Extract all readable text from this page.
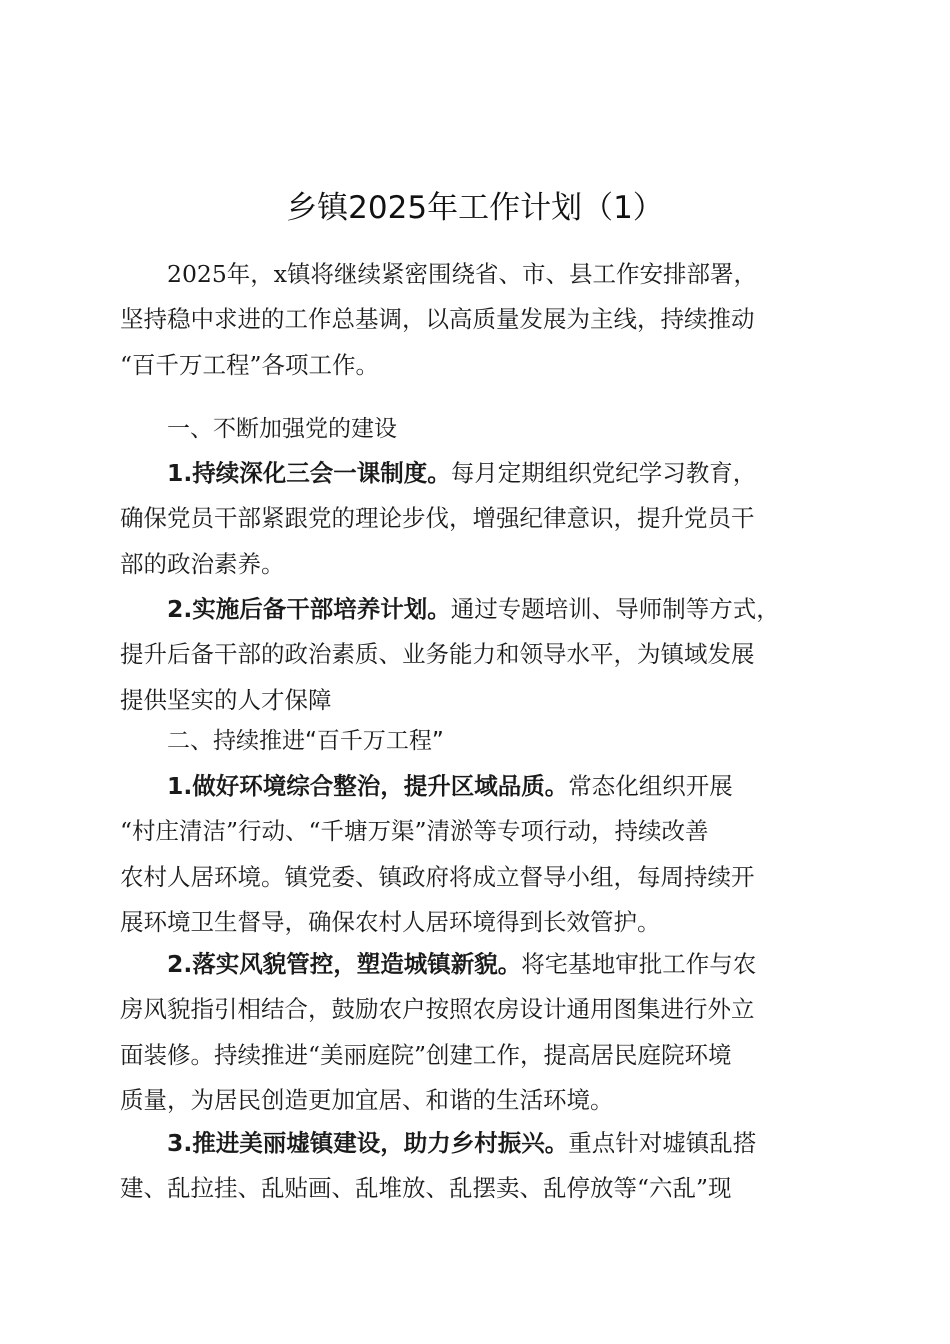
乡镇2025年工作计划（1）
2025年，x镇将继续紧密围绕省、市、县工作安排部署，
坚持稳中求进的工作总基调，以高质量发展为主线，持续推动
“百千万工程”各项工作。
一、不断加强党的建设
1.持续深化三会一课制度。每月定期组织党纪学习教育，
确保党员干部紧跟党的理论步伐，增强纪律意识，提升党员干
部的政治素养。
2.实施后备干部培养计划。通过专题培训、导师制等方式，
提升后备干部的政治素质、业务能力和领导水平，为镇域发展
提供坚实的人才保障
二、持续推进“百千万工程”
1.做好环境综合整治，提升区域品质。常态化组织开展
“村庄清洁”行动、“千塘万渠”清淤等专项行动，持续改善
农村人居环境。镇党委、镇政府将成立督导小组，每周持续开
展环境卫生督导，确保农村人居环境得到长效管护。
2.落实风貌管控，塑造城镇新貌。将宅基地审批工作与农
房风貌指引相结合，鼓励农户按照农房设计通用图集进行外立
面装修。持续推进“美丽庭院”创建工作，提高居民庭院环境
质量，为居民创造更加宜居、和谐的生活环境。
3.推进美丽墟镇建设，助力乡村振兴。重点针对墟镇乱搭
建、乱拉挂、乱贴画、乱堆放、乱摆卖、乱停放等“六乱”现
